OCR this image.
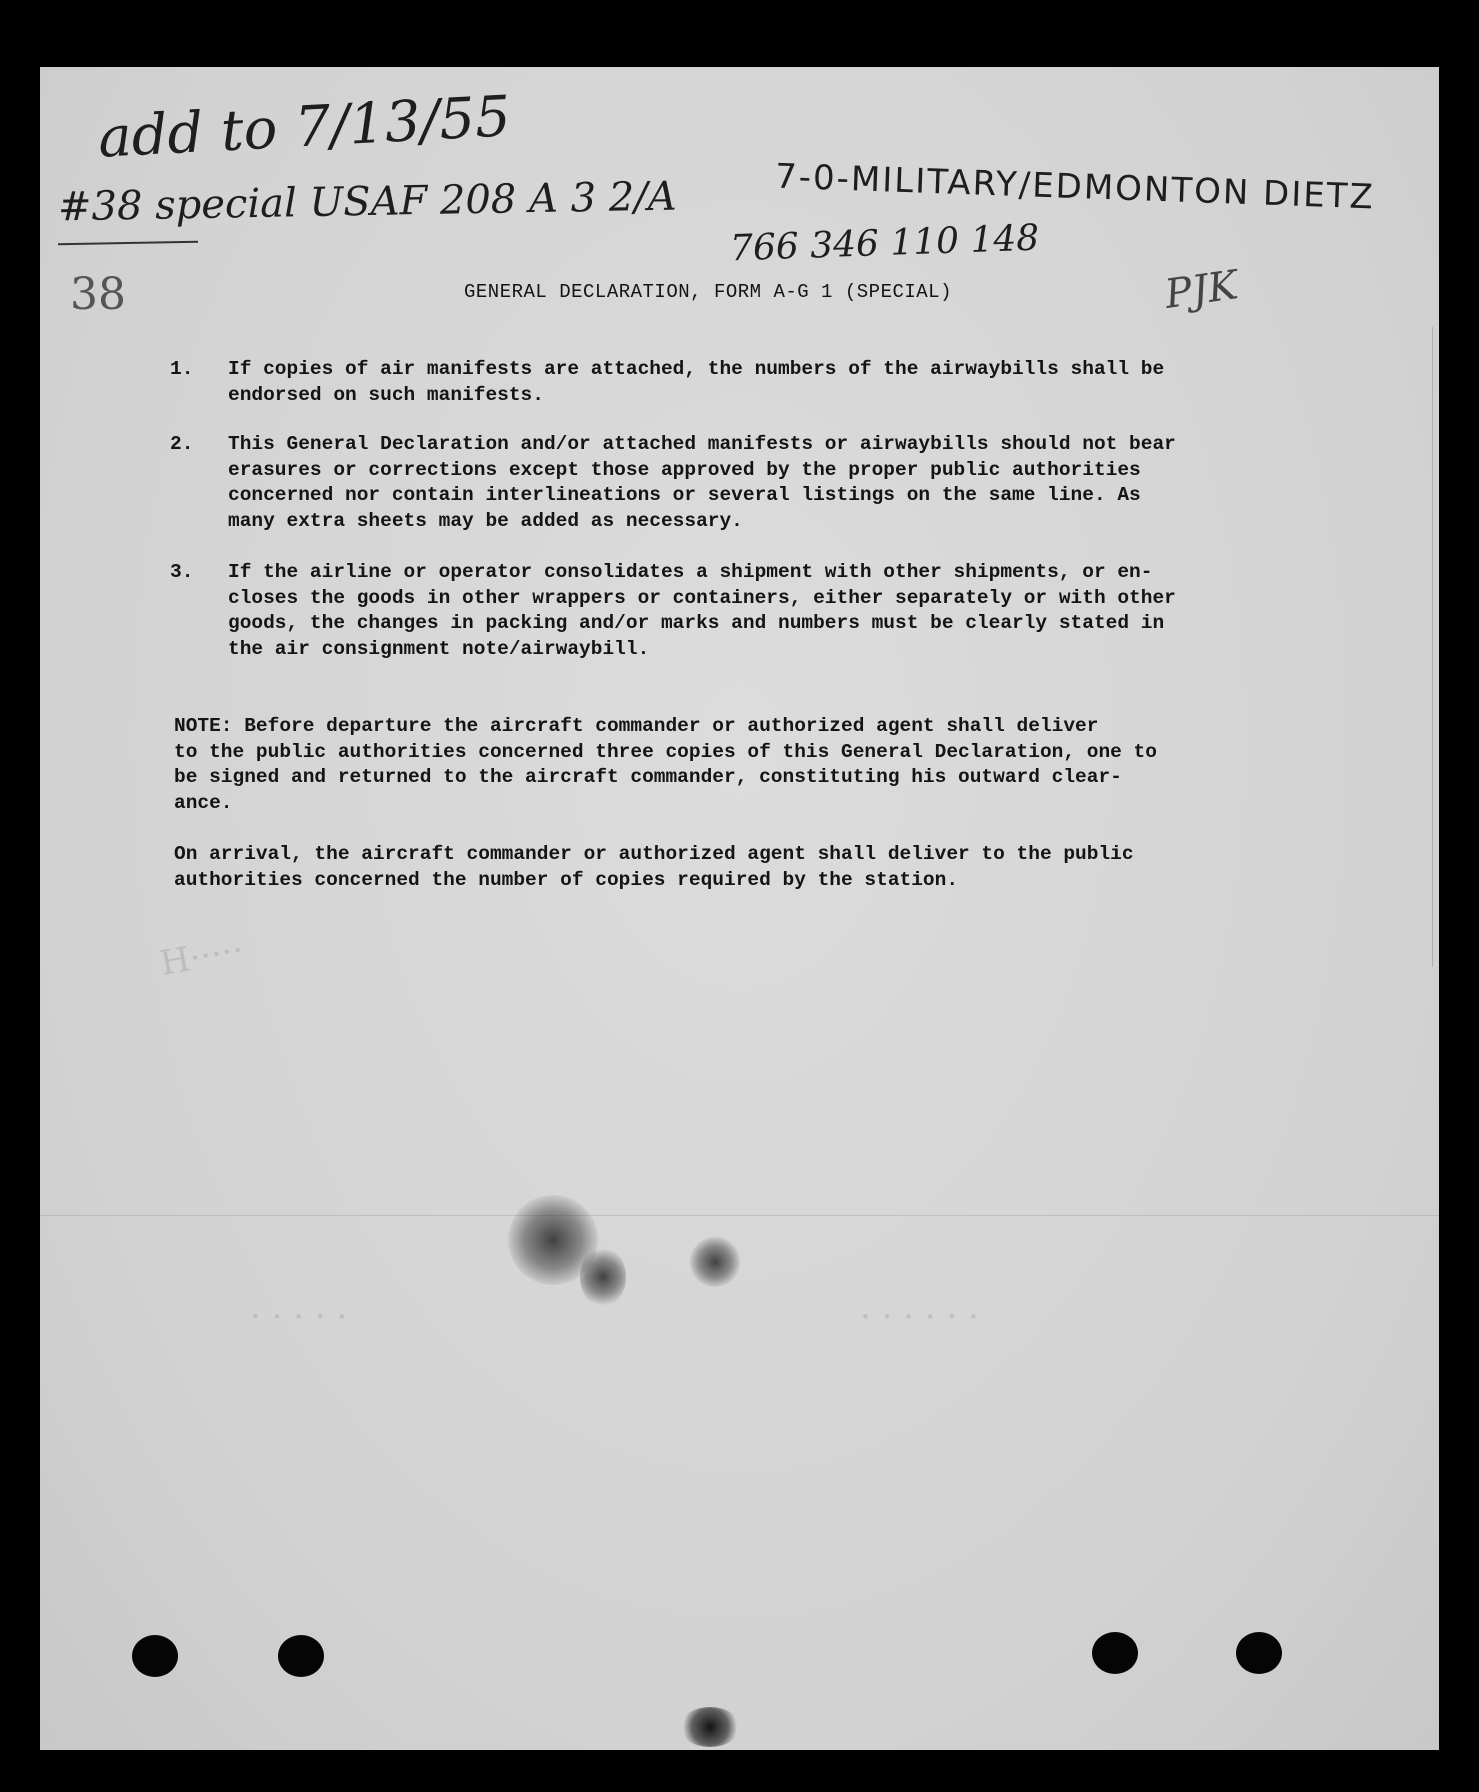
add to 7/13/55
#38 special USAF 208 A 3 2/A	7-0-MILITARY/EDMONTON DIETZ
766 346 110 148
38	PJK
GENERAL DECLARATION, FORM A-G 1 (SPECIAL)
1. If copies of air manifests are attached, the numbers of the airwaybills shall be
endorsed on such manifests.
2. This General Declaration and/or attached manifests or airwaybills should not bear
erasures or corrections except those approved by the proper public authorities
concerned nor contain interlineations or several listings on the same line. As
many extra sheets may be added as necessary.
3. If the airline or operator consolidates a shipment with other shipments, or en-
closes the goods in other wrappers or containers, either separately or with other
goods, the changes in packing and/or marks and numbers must be clearly stated in
the air consignment note/airwaybill.
NOTE: Before departure the aircraft commander or authorized agent shall deliver
to the public authorities concerned three copies of this General Declaration, one to
be signed and returned to the aircraft commander, constituting his outward clear-
ance.
On arrival, the aircraft commander or authorized agent shall deliver to the public
authorities concerned the number of copies required by the station.
H·····
· · · · ·	· · · · · ·
